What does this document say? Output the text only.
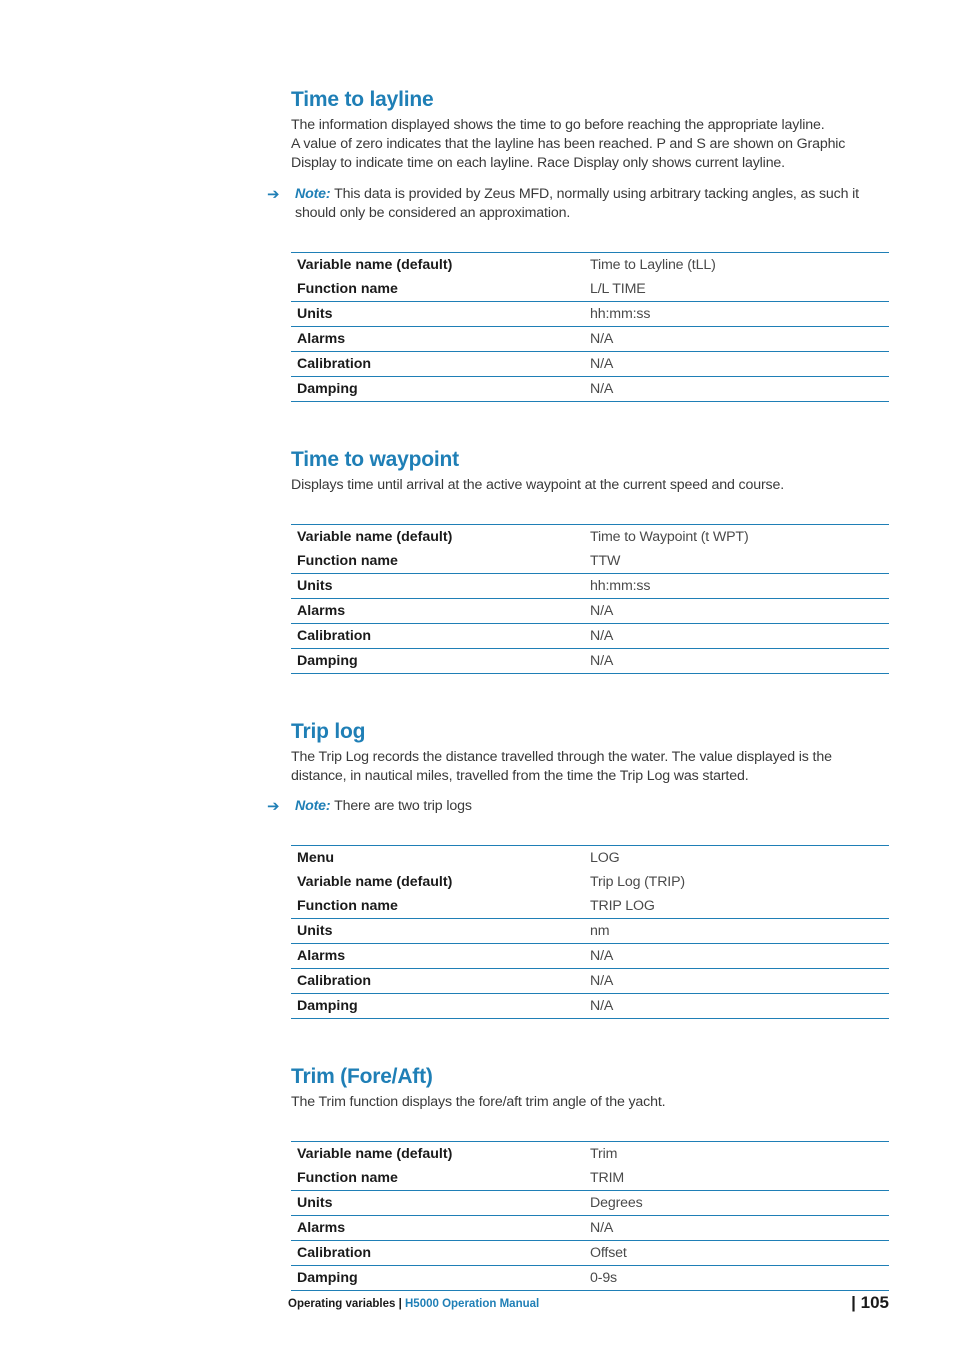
Time to layline

The information displayed shows the time to go before reaching the appropriate layline.
A value of zero indicates that the layline has been reached. P and S are shown on Graphic
Display to indicate time on each layline. Race Display only shows current layline.

➔ Note: This data is provided by Zeus MFD, normally using arbitrary tacking angles, as such it
should only be considered an approximation.
Variable name (default)	Time to Layline (tLL)
Function name	L/L TIME
Units	hh:mm:ss
Alarms	N/A
Calibration	N/A
Damping	N/A
Time to waypoint

Displays time until arrival at the active waypoint at the current speed and course.

Variable name (default)	Time to Waypoint (t WPT)
Function name	TTW
Units	hh:mm:ss
Alarms	N/A
Calibration	N/A
Damping	N/A
Trip log

The Trip Log records the distance travelled through the water. The value displayed is the
distance, in nautical miles, travelled from the time the Trip Log was started.

➔ Note: There are two trip logs
Menu	LOG
Variable name (default)	Trip Log (TRIP)
Function name	TRIP LOG
Units	nm
Alarms	N/A
Calibration	N/A
Damping	N/A
Trim (Fore/Aft)

The Trim function displays the fore/aft trim angle of the yacht.

Variable name (default)	Trim
Function name	TRIM
Units	Degrees
Alarms	N/A
Calibration	Offset
Damping	0-9s
Operating variables | H5000 Operation Manual	| 105
